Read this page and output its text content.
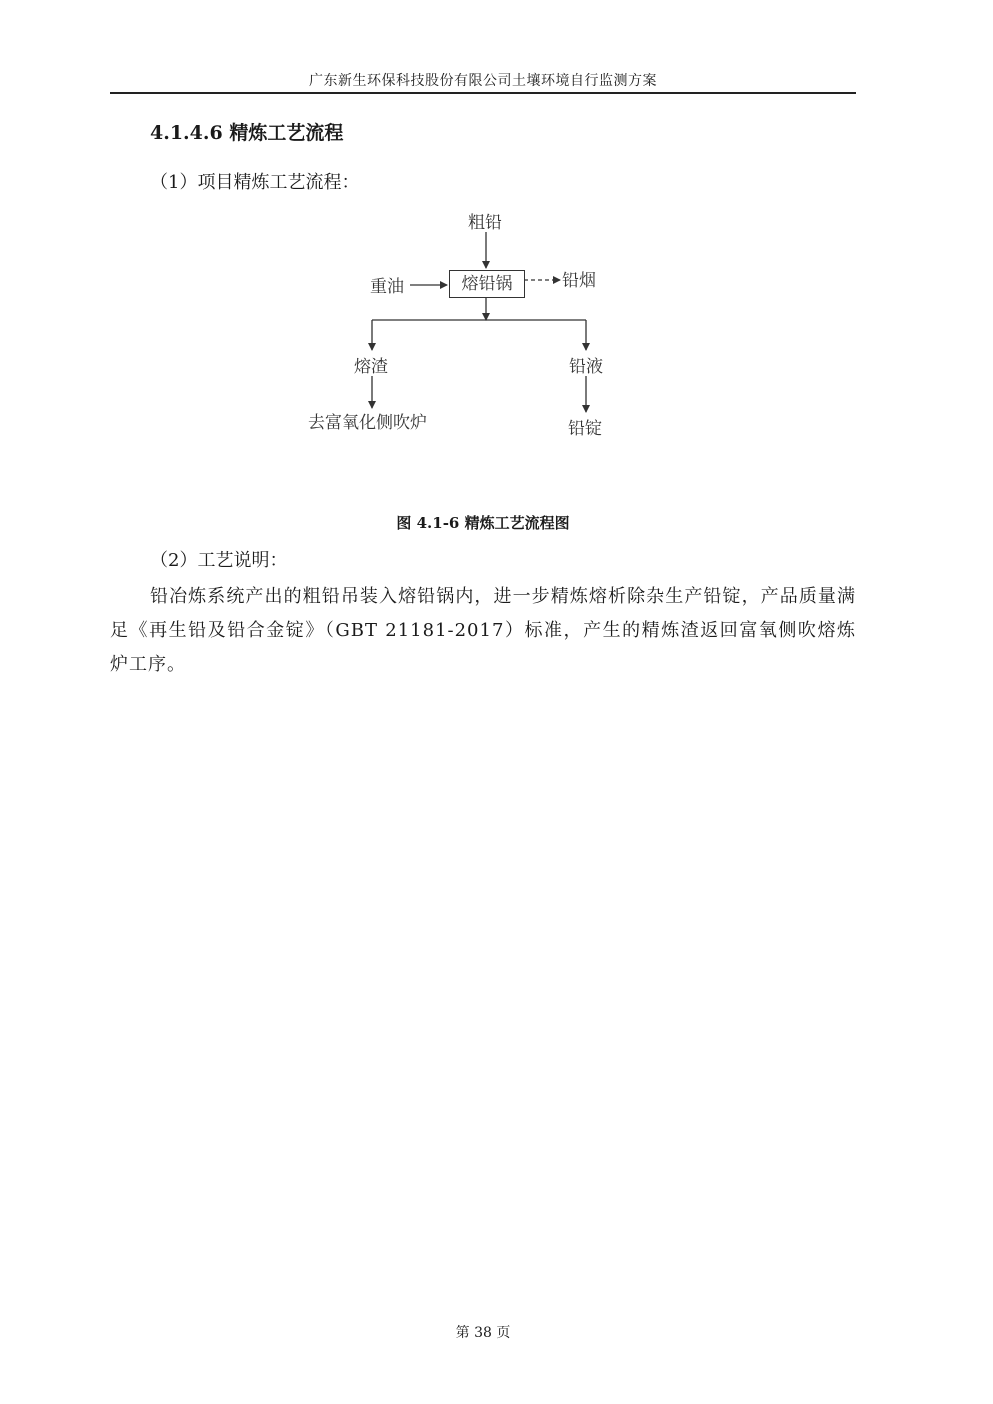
广东新生环保科技股份有限公司土壤环境自行监测方案
4.1.4.6 精炼工艺流程
（1）项目精炼工艺流程：
粗铅
重油	熔铅锅	铅烟
熔渣	铅液
去富氧化侧吹炉	铅锭
图 4.1-6 精炼工艺流程图
（2）工艺说明：
铅冶炼系统产出的粗铅吊装入熔铅锅内，进一步精炼熔析除杂生产铅锭，产品质量满足《再生铅及铅合金锭》（GBT 21181-2017）标准，产生的精炼渣返回富氧侧吹熔炼炉工序。
第 38 页
